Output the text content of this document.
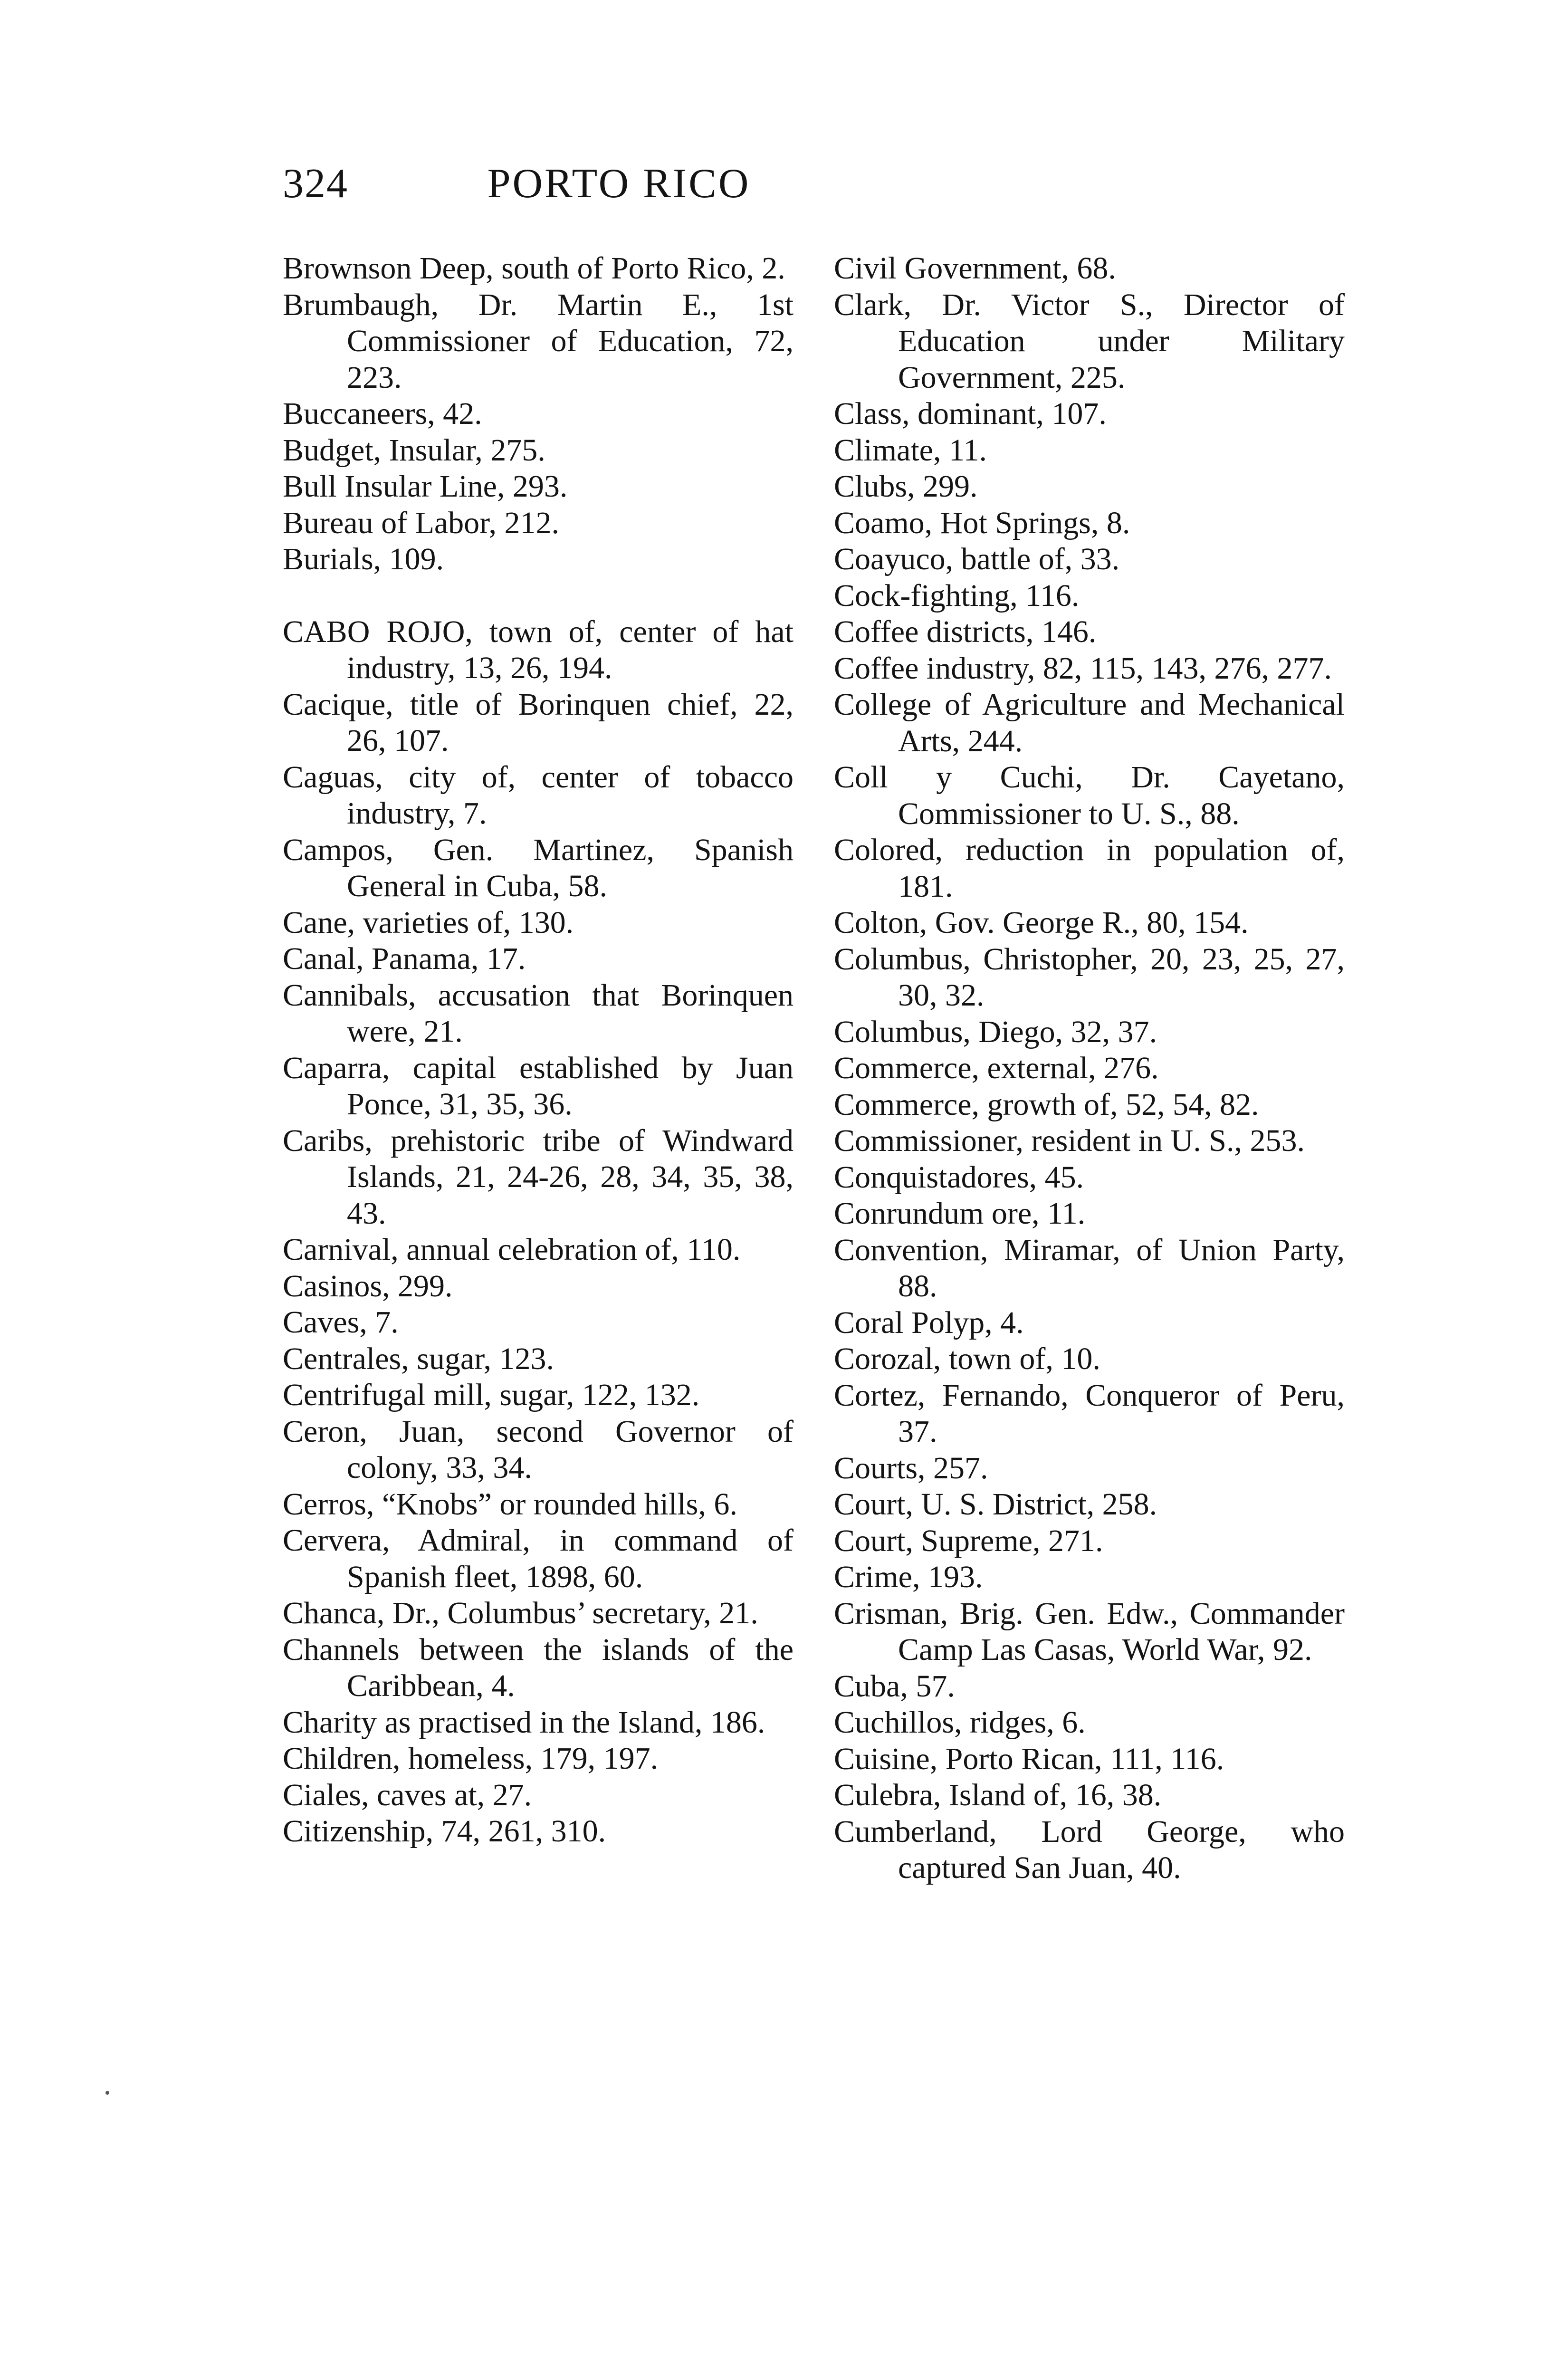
324	PORTO RICO
Brownson Deep, south of Porto Rico, 2.
Brumbaugh, Dr. Martin E., 1st Commissioner of Education, 72, 223.
Buccaneers, 42.
Budget, Insular, 275.
Bull Insular Line, 293.
Bureau of Labor, 212.
Burials, 109.
CABO ROJO, town of, center of hat industry, 13, 26, 194.
Cacique, title of Borinquen chief, 22, 26, 107.
Caguas, city of, center of tobacco industry, 7.
Campos, Gen. Martinez, Spanish General in Cuba, 58.
Cane, varieties of, 130.
Canal, Panama, 17.
Cannibals, accusation that Borinquen were, 21.
Caparra, capital established by Juan Ponce, 31, 35, 36.
Caribs, prehistoric tribe of Windward Islands, 21, 24-26, 28, 34, 35, 38, 43.
Carnival, annual celebration of, 110.
Casinos, 299.
Caves, 7.
Centrales, sugar, 123.
Centrifugal mill, sugar, 122, 132.
Ceron, Juan, second Governor of colony, 33, 34.
Cerros, “Knobs” or rounded hills, 6.
Cervera, Admiral, in command of Spanish fleet, 1898, 60.
Chanca, Dr., Columbus’ secretary, 21.
Channels between the islands of the Caribbean, 4.
Charity as practised in the Island, 186.
Children, homeless, 179, 197.
Ciales, caves at, 27.
Citizenship, 74, 261, 310.
Civil Government, 68.
Clark, Dr. Victor S., Director of Education under Military Government, 225.
Class, dominant, 107.
Climate, 11.
Clubs, 299.
Coamo, Hot Springs, 8.
Coayuco, battle of, 33.
Cock-fighting, 116.
Coffee districts, 146.
Coffee industry, 82, 115, 143, 276, 277.
College of Agriculture and Mechanical Arts, 244.
Coll y Cuchi, Dr. Cayetano, Commissioner to U. S., 88.
Colored, reduction in population of, 181.
Colton, Gov. George R., 80, 154.
Columbus, Christopher, 20, 23, 25, 27, 30, 32.
Columbus, Diego, 32, 37.
Commerce, external, 276.
Commerce, growth of, 52, 54, 82.
Commissioner, resident in U. S., 253.
Conquistadores, 45.
Conrundum ore, 11.
Convention, Miramar, of Union Party, 88.
Coral Polyp, 4.
Corozal, town of, 10.
Cortez, Fernando, Conqueror of Peru, 37.
Courts, 257.
Court, U. S. District, 258.
Court, Supreme, 271.
Crime, 193.
Crisman, Brig. Gen. Edw., Commander Camp Las Casas, World War, 92.
Cuba, 57.
Cuchillos, ridges, 6.
Cuisine, Porto Rican, 111, 116.
Culebra, Island of, 16, 38.
Cumberland, Lord George, who captured San Juan, 40.
